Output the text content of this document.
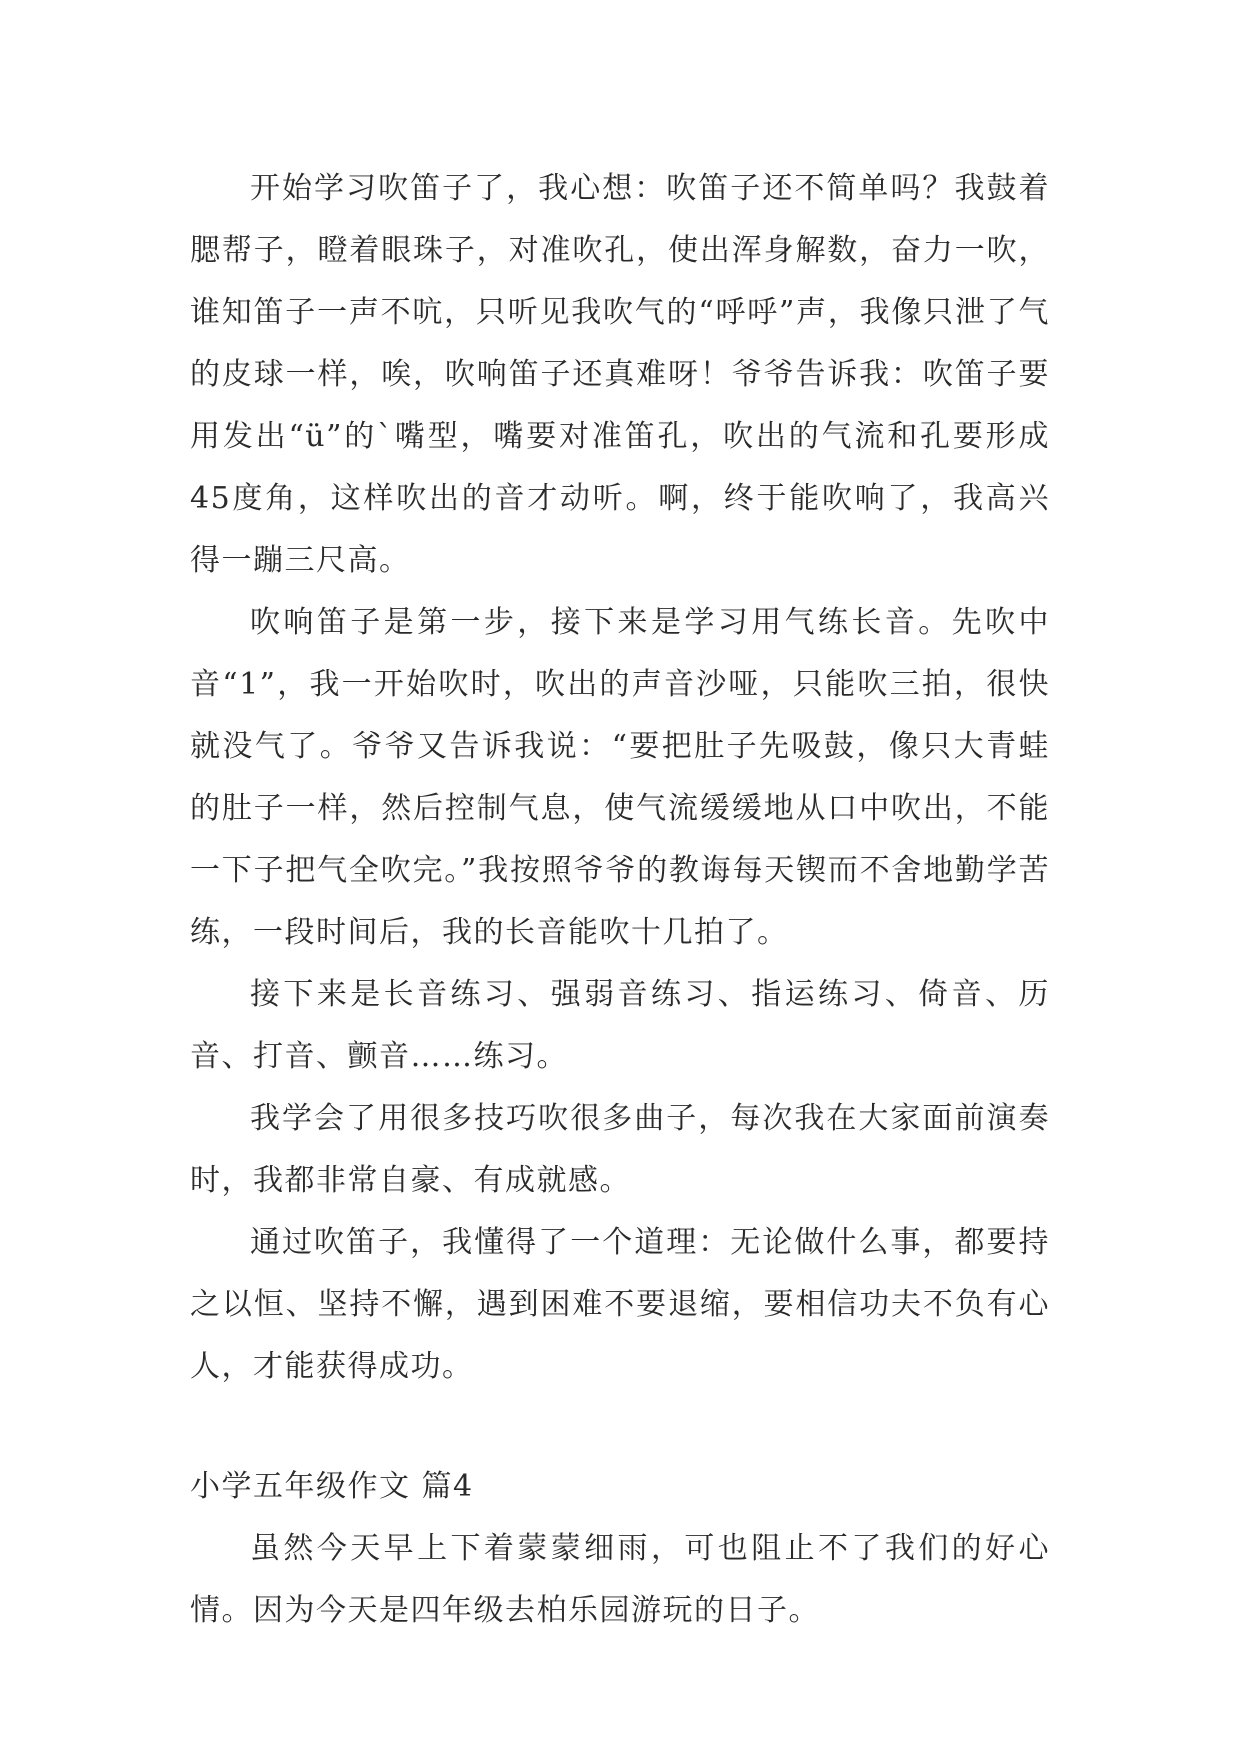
开始学习吹笛子了，我心想：吹笛子还不简单吗？我鼓着腮帮子，瞪着眼珠子，对准吹孔，使出浑身解数，奋力一吹，谁知笛子一声不吭，只听见我吹气的“呼呼”声，我像只泄了气的皮球一样，唉，吹响笛子还真难呀！爷爷告诉我：吹笛子要用发出“ü”的`嘴型，嘴要对准笛孔，吹出的气流和孔要形成45度角，这样吹出的音才动听。啊，终于能吹响了，我高兴得一蹦三尺高。

吹响笛子是第一步，接下来是学习用气练长音。先吹中音“1”，我一开始吹时，吹出的声音沙哑，只能吹三拍，很快就没气了。爷爷又告诉我说：“要把肚子先吸鼓，像只大青蛙的肚子一样，然后控制气息，使气流缓缓地从口中吹出，不能一下子把气全吹完。”我按照爷爷的教诲每天锲而不舍地勤学苦练，一段时间后，我的长音能吹十几拍了。

接下来是长音练习、强弱音练习、指运练习、倚音、历音、打音、颤音……练习。

我学会了用很多技巧吹很多曲子，每次我在大家面前演奏时，我都非常自豪、有成就感。

通过吹笛子，我懂得了一个道理：无论做什么事，都要持之以恒、坚持不懈，遇到困难不要退缩，要相信功夫不负有心人，才能获得成功。

小学五年级作文 篇4

虽然今天早上下着蒙蒙细雨，可也阻止不了我们的好心情。因为今天是四年级去柏乐园游玩的日子。
